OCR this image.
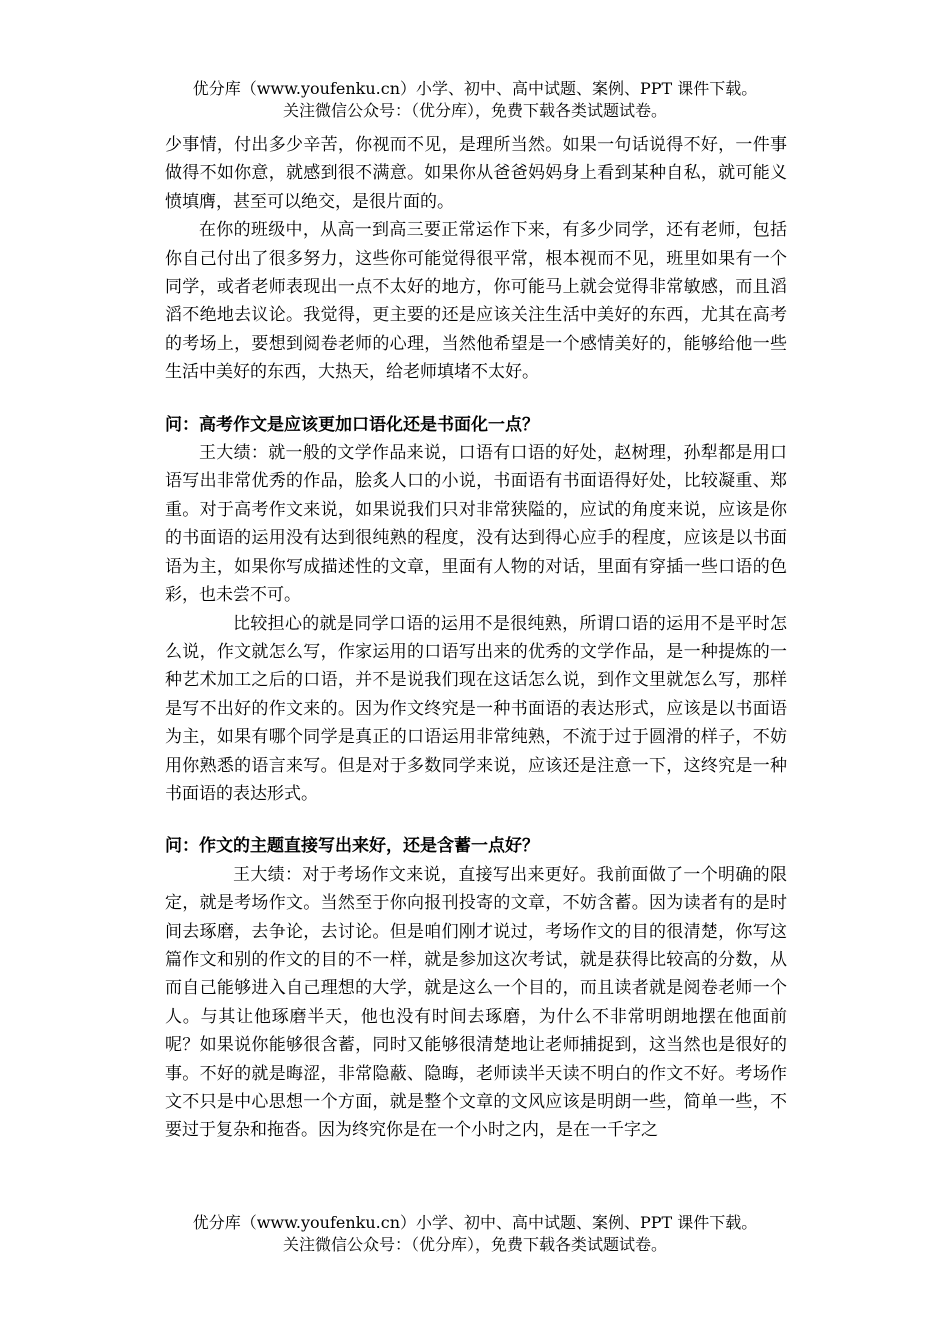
优分库（www.youfenku.cn）小学、初中、高中试题、案例、PPT 课件下载。
关注微信公众号：（优分库），免费下载各类试题试卷。

少事情，付出多少辛苦，你视而不见，是理所当然。如果一句话说得不好，一件事做得不如你意，就感到很不满意。如果你从爸爸妈妈身上看到某种自私，就可能义愤填膺，甚至可以绝交，是很片面的。

在你的班级中，从高一到高三要正常运作下来，有多少同学，还有老师，包括你自己付出了很多努力，这些你可能觉得很平常，根本视而不见，班里如果有一个同学，或者老师表现出一点不太好的地方，你可能马上就会觉得非常敏感，而且滔滔不绝地去议论。我觉得，更主要的还是应该关注生活中美好的东西，尤其在高考的考场上，要想到阅卷老师的心理，当然他希望是一个感情美好的，能够给他一些生活中美好的东西，大热天，给老师填堵不太好。

问：高考作文是应该更加口语化还是书面化一点？

王大绩：就一般的文学作品来说，口语有口语的好处，赵树理，孙犁都是用口语写出非常优秀的作品，脍炙人口的小说，书面语有书面语得好处，比较凝重、郑重。对于高考作文来说，如果说我们只对非常狭隘的，应试的角度来说，应该是你的书面语的运用没有达到很纯熟的程度，没有达到得心应手的程度，应该是以书面语为主，如果你写成描述性的文章，里面有人物的对话，里面有穿插一些口语的色彩，也未尝不可。

比较担心的就是同学口语的运用不是很纯熟，所谓口语的运用不是平时怎么说，作文就怎么写，作家运用的口语写出来的优秀的文学作品，是一种提炼的一种艺术加工之后的口语，并不是说我们现在这话怎么说，到作文里就怎么写，那样是写不出好的作文来的。因为作文终究是一种书面语的表达形式，应该是以书面语为主，如果有哪个同学是真正的口语运用非常纯熟，不流于过于圆滑的样子，不妨用你熟悉的语言来写。但是对于多数同学来说，应该还是注意一下，这终究是一种书面语的表达形式。

问：作文的主题直接写出来好，还是含蓄一点好？

王大绩：对于考场作文来说，直接写出来更好。我前面做了一个明确的限定，就是考场作文。当然至于你向报刊投寄的文章，不妨含蓄。因为读者有的是时间去琢磨，去争论，去讨论。但是咱们刚才说过，考场作文的目的很清楚，你写这篇作文和别的作文的目的不一样，就是参加这次考试，就是获得比较高的分数，从而自己能够进入自己理想的大学，就是这么一个目的，而且读者就是阅卷老师一个人。与其让他琢磨半天，他也没有时间去琢磨，为什么不非常明朗地摆在他面前呢？如果说你能够很含蓄，同时又能够很清楚地让老师捕捉到，这当然也是很好的事。不好的就是晦涩，非常隐蔽、隐晦，老师读半天读不明白的作文不好。考场作文不只是中心思想一个方面，就是整个文章的文风应该是明朗一些，简单一些，不要过于复杂和拖沓。因为终究你是在一个小时之内，是在一千字之

优分库（www.youfenku.cn）小学、初中、高中试题、案例、PPT 课件下载。
关注微信公众号：（优分库），免费下载各类试题试卷。
